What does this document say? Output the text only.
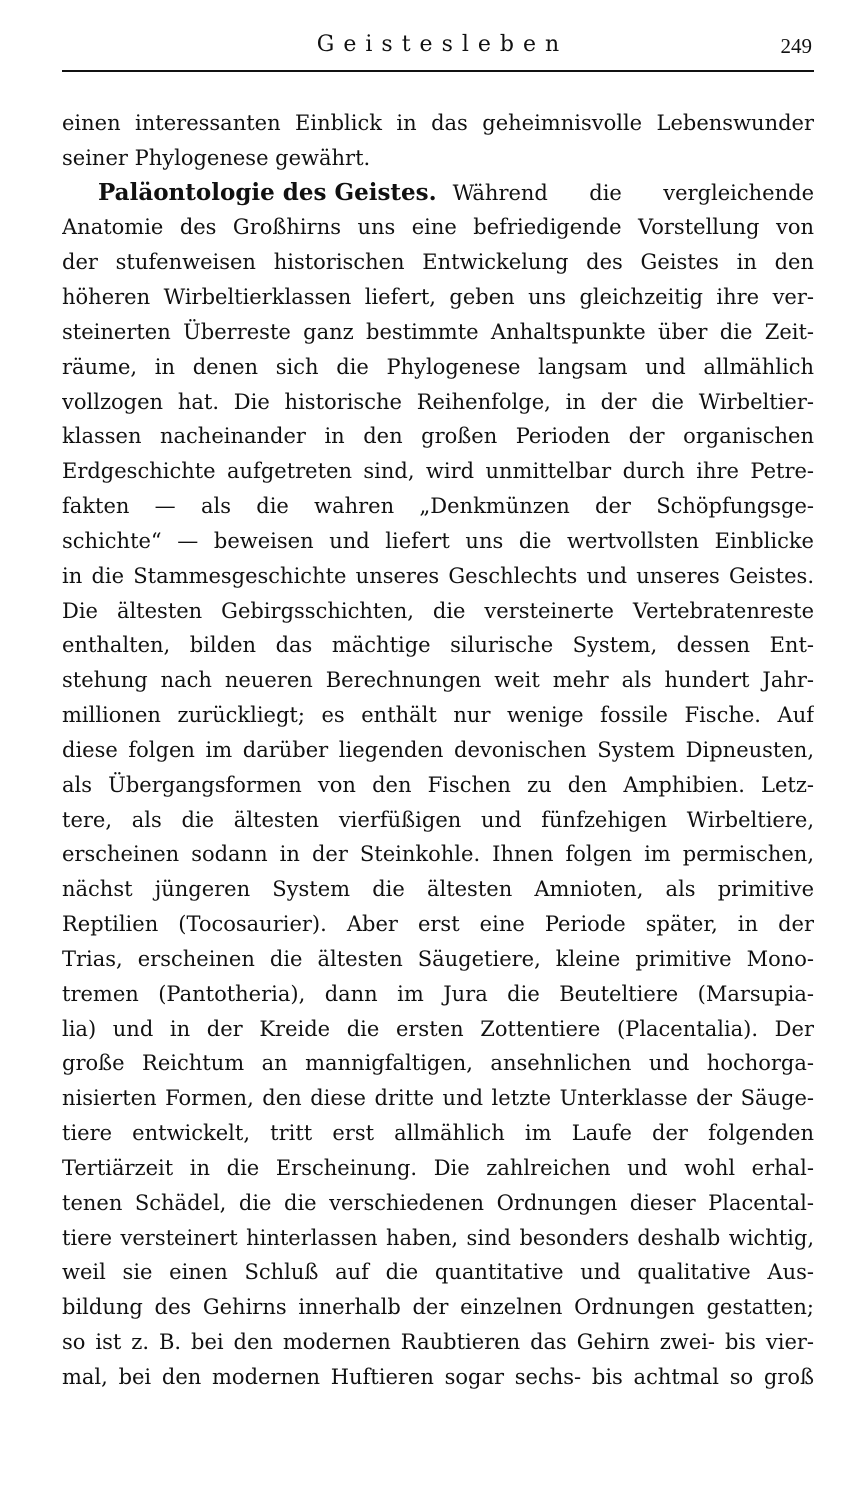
Geistesleben	249
einen interessanten Einblick in das geheimnisvolle Lebenswunder
seiner Phylogenese gewährt.
Paläontologie des Geistes. Während die vergleichende
Anatomie des Großhirns uns eine befriedigende Vorstellung von
der stufenweisen historischen Entwickelung des Geistes in den
höheren Wirbeltierklassen liefert, geben uns gleichzeitig ihre ver-
steinerten Überreste ganz bestimmte Anhaltspunkte über die Zeit-
räume, in denen sich die Phylogenese langsam und allmählich
vollzogen hat. Die historische Reihenfolge, in der die Wirbeltier-
klassen nacheinander in den großen Perioden der organischen
Erdgeschichte aufgetreten sind, wird unmittelbar durch ihre Petre-
fakten — als die wahren „Denkmünzen der Schöpfungsge-
schichte“ — beweisen und liefert uns die wertvollsten Einblicke
in die Stammesgeschichte unseres Geschlechts und unseres Geistes.
Die ältesten Gebirgsschichten, die versteinerte Vertebratenreste
enthalten, bilden das mächtige silurische System, dessen Ent-
stehung nach neueren Berechnungen weit mehr als hundert Jahr-
millionen zurückliegt; es enthält nur wenige fossile Fische. Auf
diese folgen im darüber liegenden devonischen System Dipneusten,
als Übergangsformen von den Fischen zu den Amphibien. Letz-
tere, als die ältesten vierfüßigen und fünfzehigen Wirbeltiere,
erscheinen sodann in der Steinkohle. Ihnen folgen im permischen,
nächst jüngeren System die ältesten Amnioten, als primitive
Reptilien (Tocosaurier). Aber erst eine Periode später, in der
Trias, erscheinen die ältesten Säugetiere, kleine primitive Mono-
tremen (Pantotheria), dann im Jura die Beuteltiere (Marsupia-
lia) und in der Kreide die ersten Zottentiere (Placentalia). Der
große Reichtum an mannigfaltigen, ansehnlichen und hochorga-
nisierten Formen, den diese dritte und letzte Unterklasse der Säuge-
tiere entwickelt, tritt erst allmählich im Laufe der folgenden
Tertiärzeit in die Erscheinung. Die zahlreichen und wohl erhal-
tenen Schädel, die die verschiedenen Ordnungen dieser Placental-
tiere versteinert hinterlassen haben, sind besonders deshalb wichtig,
weil sie einen Schluß auf die quantitative und qualitative Aus-
bildung des Gehirns innerhalb der einzelnen Ordnungen gestatten;
so ist z. B. bei den modernen Raubtieren das Gehirn zwei- bis vier-
mal, bei den modernen Huftieren sogar sechs- bis achtmal so groß
